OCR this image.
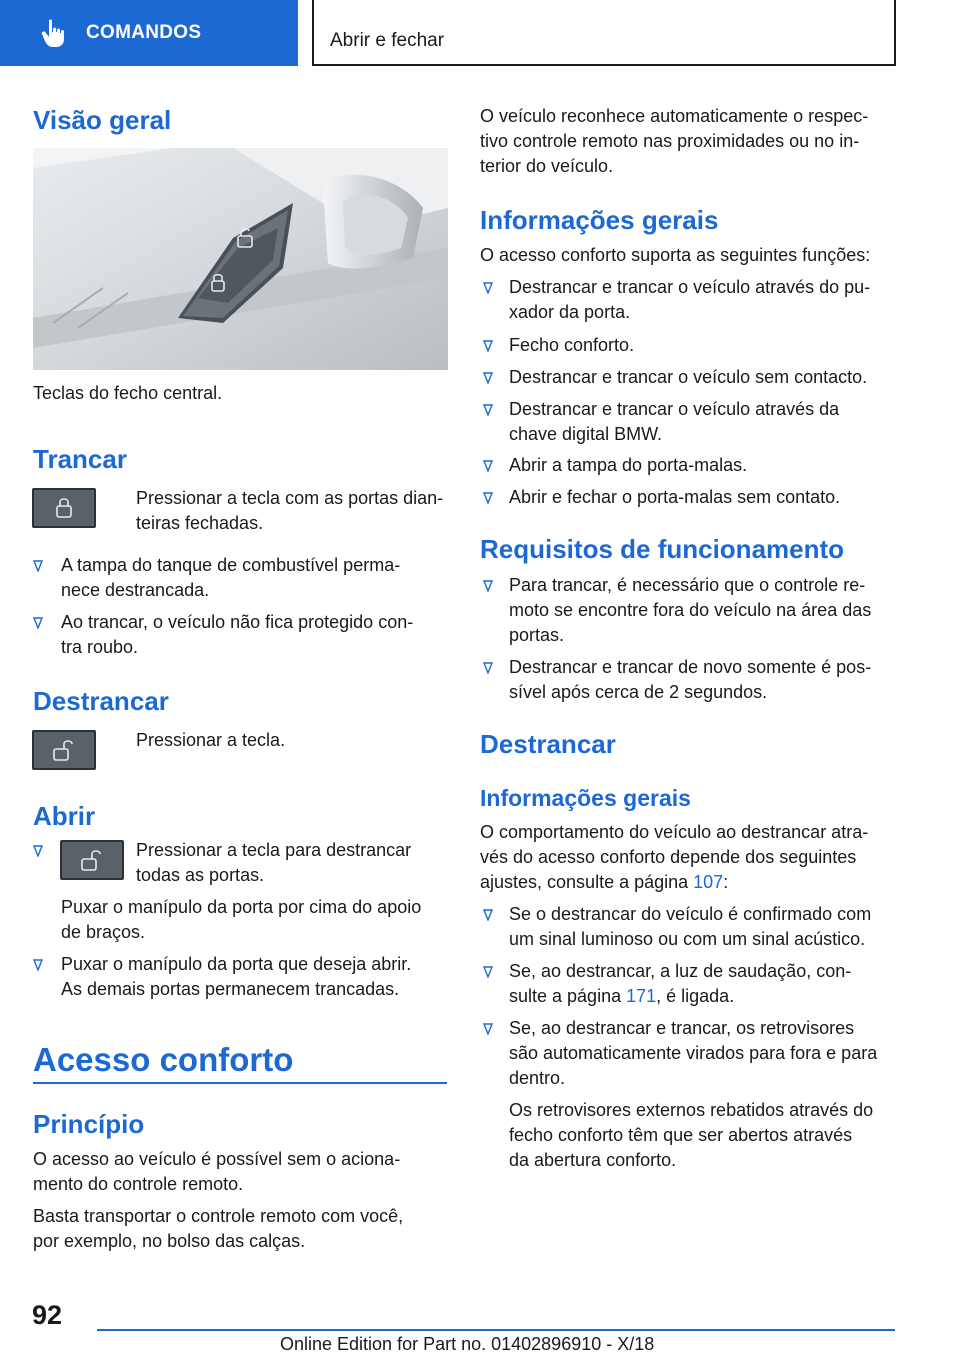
COMANDOS	Abrir e fechar
Visão geral
Teclas do fecho central.
Trancar
Pressionar a tecla com as portas dian-
teiras fechadas.
A tampa do tanque de combustível perma-
nece destrancada.
Ao trancar, o veículo não fica protegido con-
tra roubo.
Destrancar
Pressionar a tecla.
Abrir
Pressionar a tecla para destrancar
todas as portas.
Puxar o manípulo da porta por cima do apoio
de braços.
Puxar o manípulo da porta que deseja abrir.
As demais portas permanecem trancadas.
Acesso conforto
Princípio
O acesso ao veículo é possível sem o aciona-
mento do controle remoto.
Basta transportar o controle remoto com você,
por exemplo, no bolso das calças.
O veículo reconhece automaticamente o respec-
tivo controle remoto nas proximidades ou no in-
terior do veículo.
Informações gerais
O acesso conforto suporta as seguintes funções:
Destrancar e trancar o veículo através do pu-
xador da porta.
Fecho conforto.
Destrancar e trancar o veículo sem contacto.
Destrancar e trancar o veículo através da
chave digital BMW.
Abrir a tampa do porta-malas.
Abrir e fechar o porta-malas sem contato.
Requisitos de funcionamento
Para trancar, é necessário que o controle re-
moto se encontre fora do veículo na área das
portas.
Destrancar e trancar de novo somente é pos-
sível após cerca de 2 segundos.
Destrancar
Informações gerais
O comportamento do veículo ao destrancar atra-
vés do acesso conforto depende dos seguintes
ajustes, consulte a página 107:
Se o destrancar do veículo é confirmado com
um sinal luminoso ou com um sinal acústico.
Se, ao destrancar, a luz de saudação, con-
sulte a página 171, é ligada.
Se, ao destrancar e trancar, os retrovisores
são automaticamente virados para fora e para
dentro.
Os retrovisores externos rebatidos através do
fecho conforto têm que ser abertos através
da abertura conforto.
92
Online Edition for Part no. 01402896910 - X/18
